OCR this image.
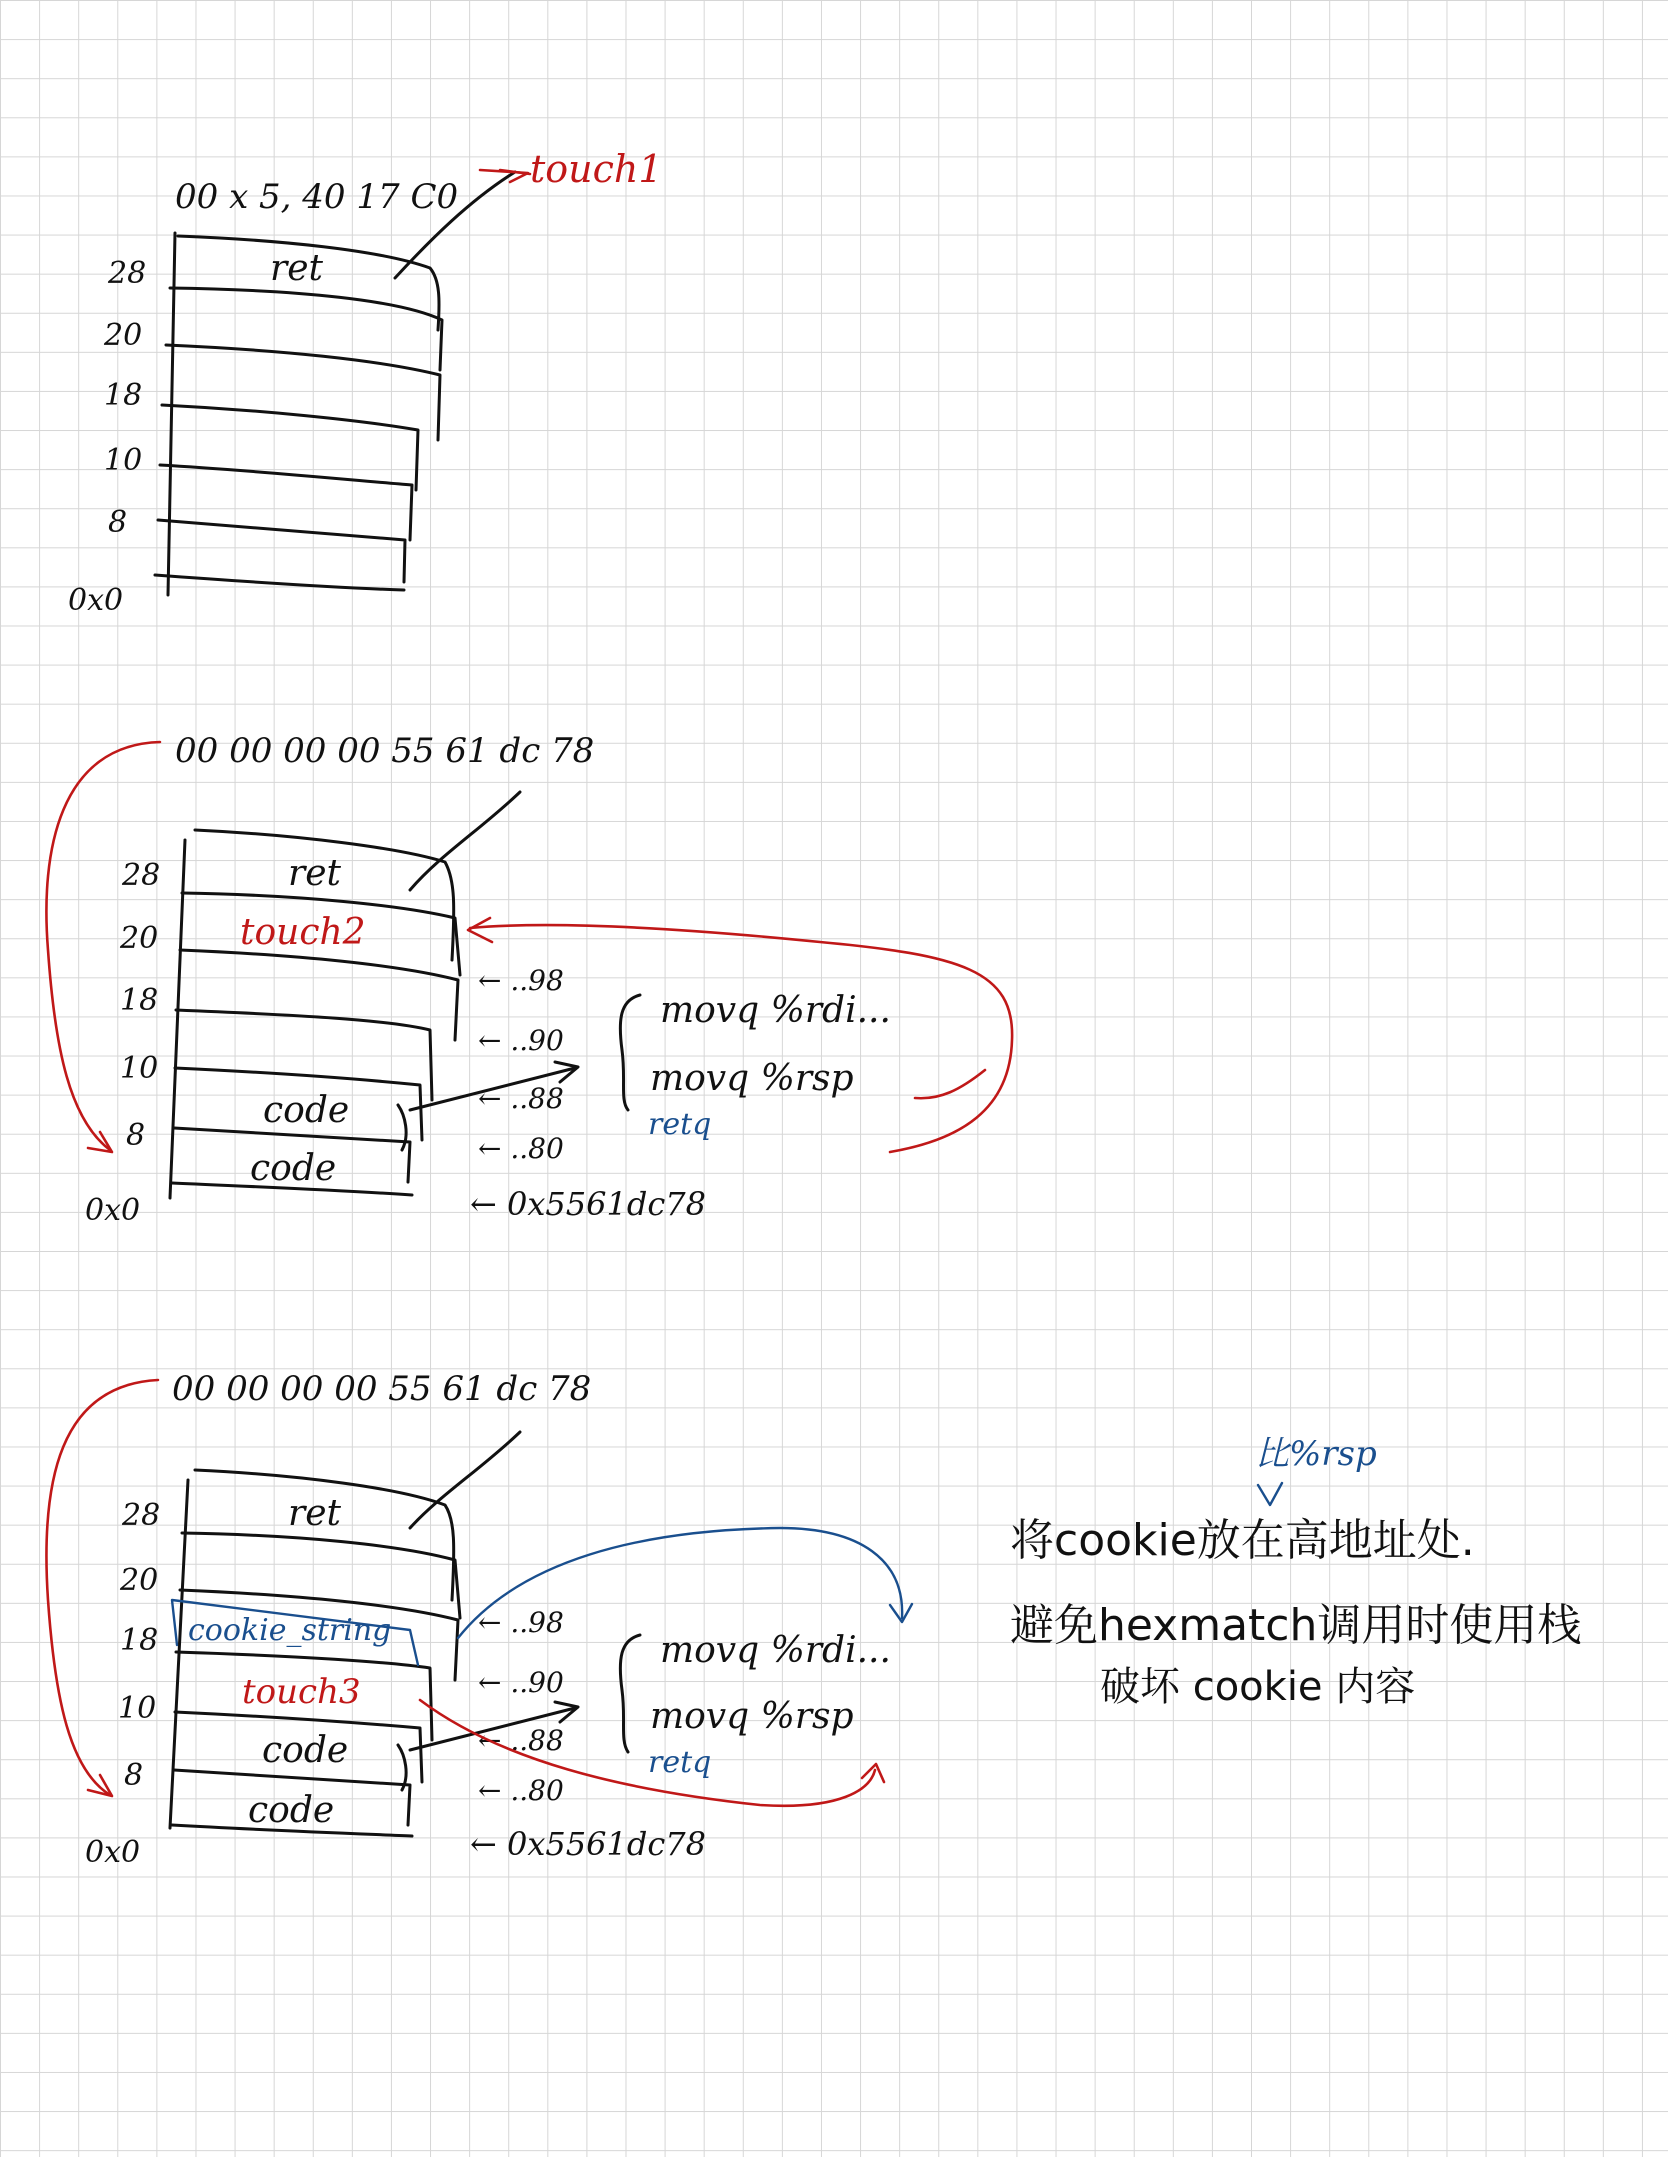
00 x 5, 40 17 C0
touch1
ret
28
20
18
10
8
0x0
00 00 00 00 55 61 dc 78
ret
touch2
code
code
28
20
18
10
8
0x0
← ..98
← ..90
← ..88
← ..80
← 0x5561dc78
movq %rdi...
movq %rsp
retq
00 00 00 00 55 61 dc 78
ret
cookie_string
touch3
code
code
28
20
18
10
8
0x0
← ..98
← ..90
← ..88
← ..80
← 0x5561dc78
movq %rdi...
movq %rsp
retq
比%rsp
将cookie放在高地址处.
避免hexmatch调用时使用栈
破坏 cookie 内容
